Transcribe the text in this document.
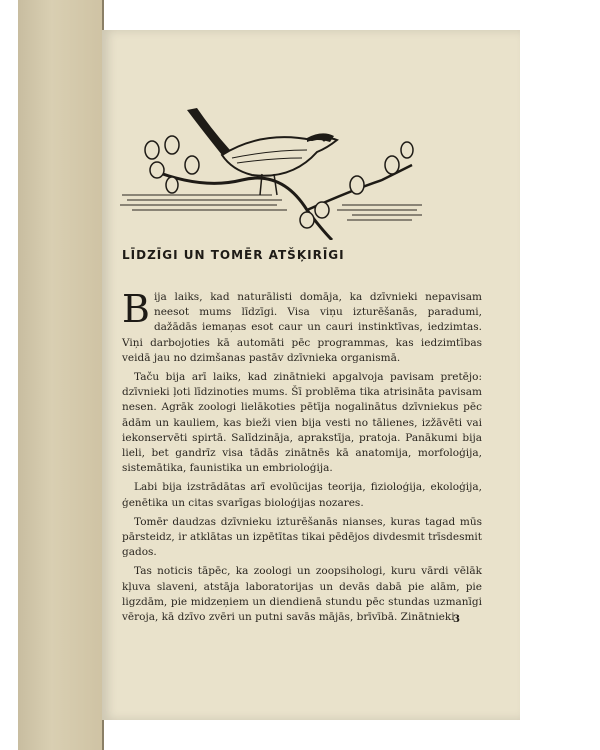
LĪDZĪGI UN TOMĒR ATŠĶIRĪGI

Bija laiks, kad naturālisti domāja, ka dzīvnieki nepavisam neesot mums līdzīgi. Visa viņu izturēšanās, paradumi, dažādās iemaņas esot caur un cauri instinktīvas, iedzimtas. Viņi darbojoties kā automāti pēc programmas, kas iedzimtības veidā jau no dzimšanas pastāv dzīvnieka organismā.

Taču bija arī laiks, kad zinātnieki apgalvoja pavisam pretējo: dzīvnieki ļoti līdzinoties mums. Šī problēma tika atrisināta pavisam nesen. Agrāk zoologi lielākoties pētīja nogalinātus dzīvniekus pēc ādām un kauliem, kas bieži vien bija vesti no tālienes, izžāvēti vai iekonservēti spirtā. Salīdzināja, aprakstīja, pratoja. Panākumi bija lieli, bet gandrīz visa tādās zinātnēs kā anatomija, morfoloģija, sistemātika, faunistika un embrioloģija.

Labi bija izstrādātas arī evolūcijas teorija, fizioloģija, ekoloģija, ģenētika un citas svarīgas bioloģijas nozares.

Tomēr daudzas dzīvnieku izturēšanās nianses, kuras tagad mūs pārsteidz, ir atklātas un izpētītas tikai pēdējos divdesmit trīsdesmit gados.

Tas noticis tāpēc, ka zoologi un zoopsihologi, kuru vārdi vēlāk kļuva slaveni, atstāja laboratorijas un devās dabā pie alām, pie ligzdām, pie midzeņiem un diendienā stundu pēc stundas uzmanīgi vēroja, kā dzīvo zvēri un putni savās mājās, brīvībā. Zinātnieki

3
